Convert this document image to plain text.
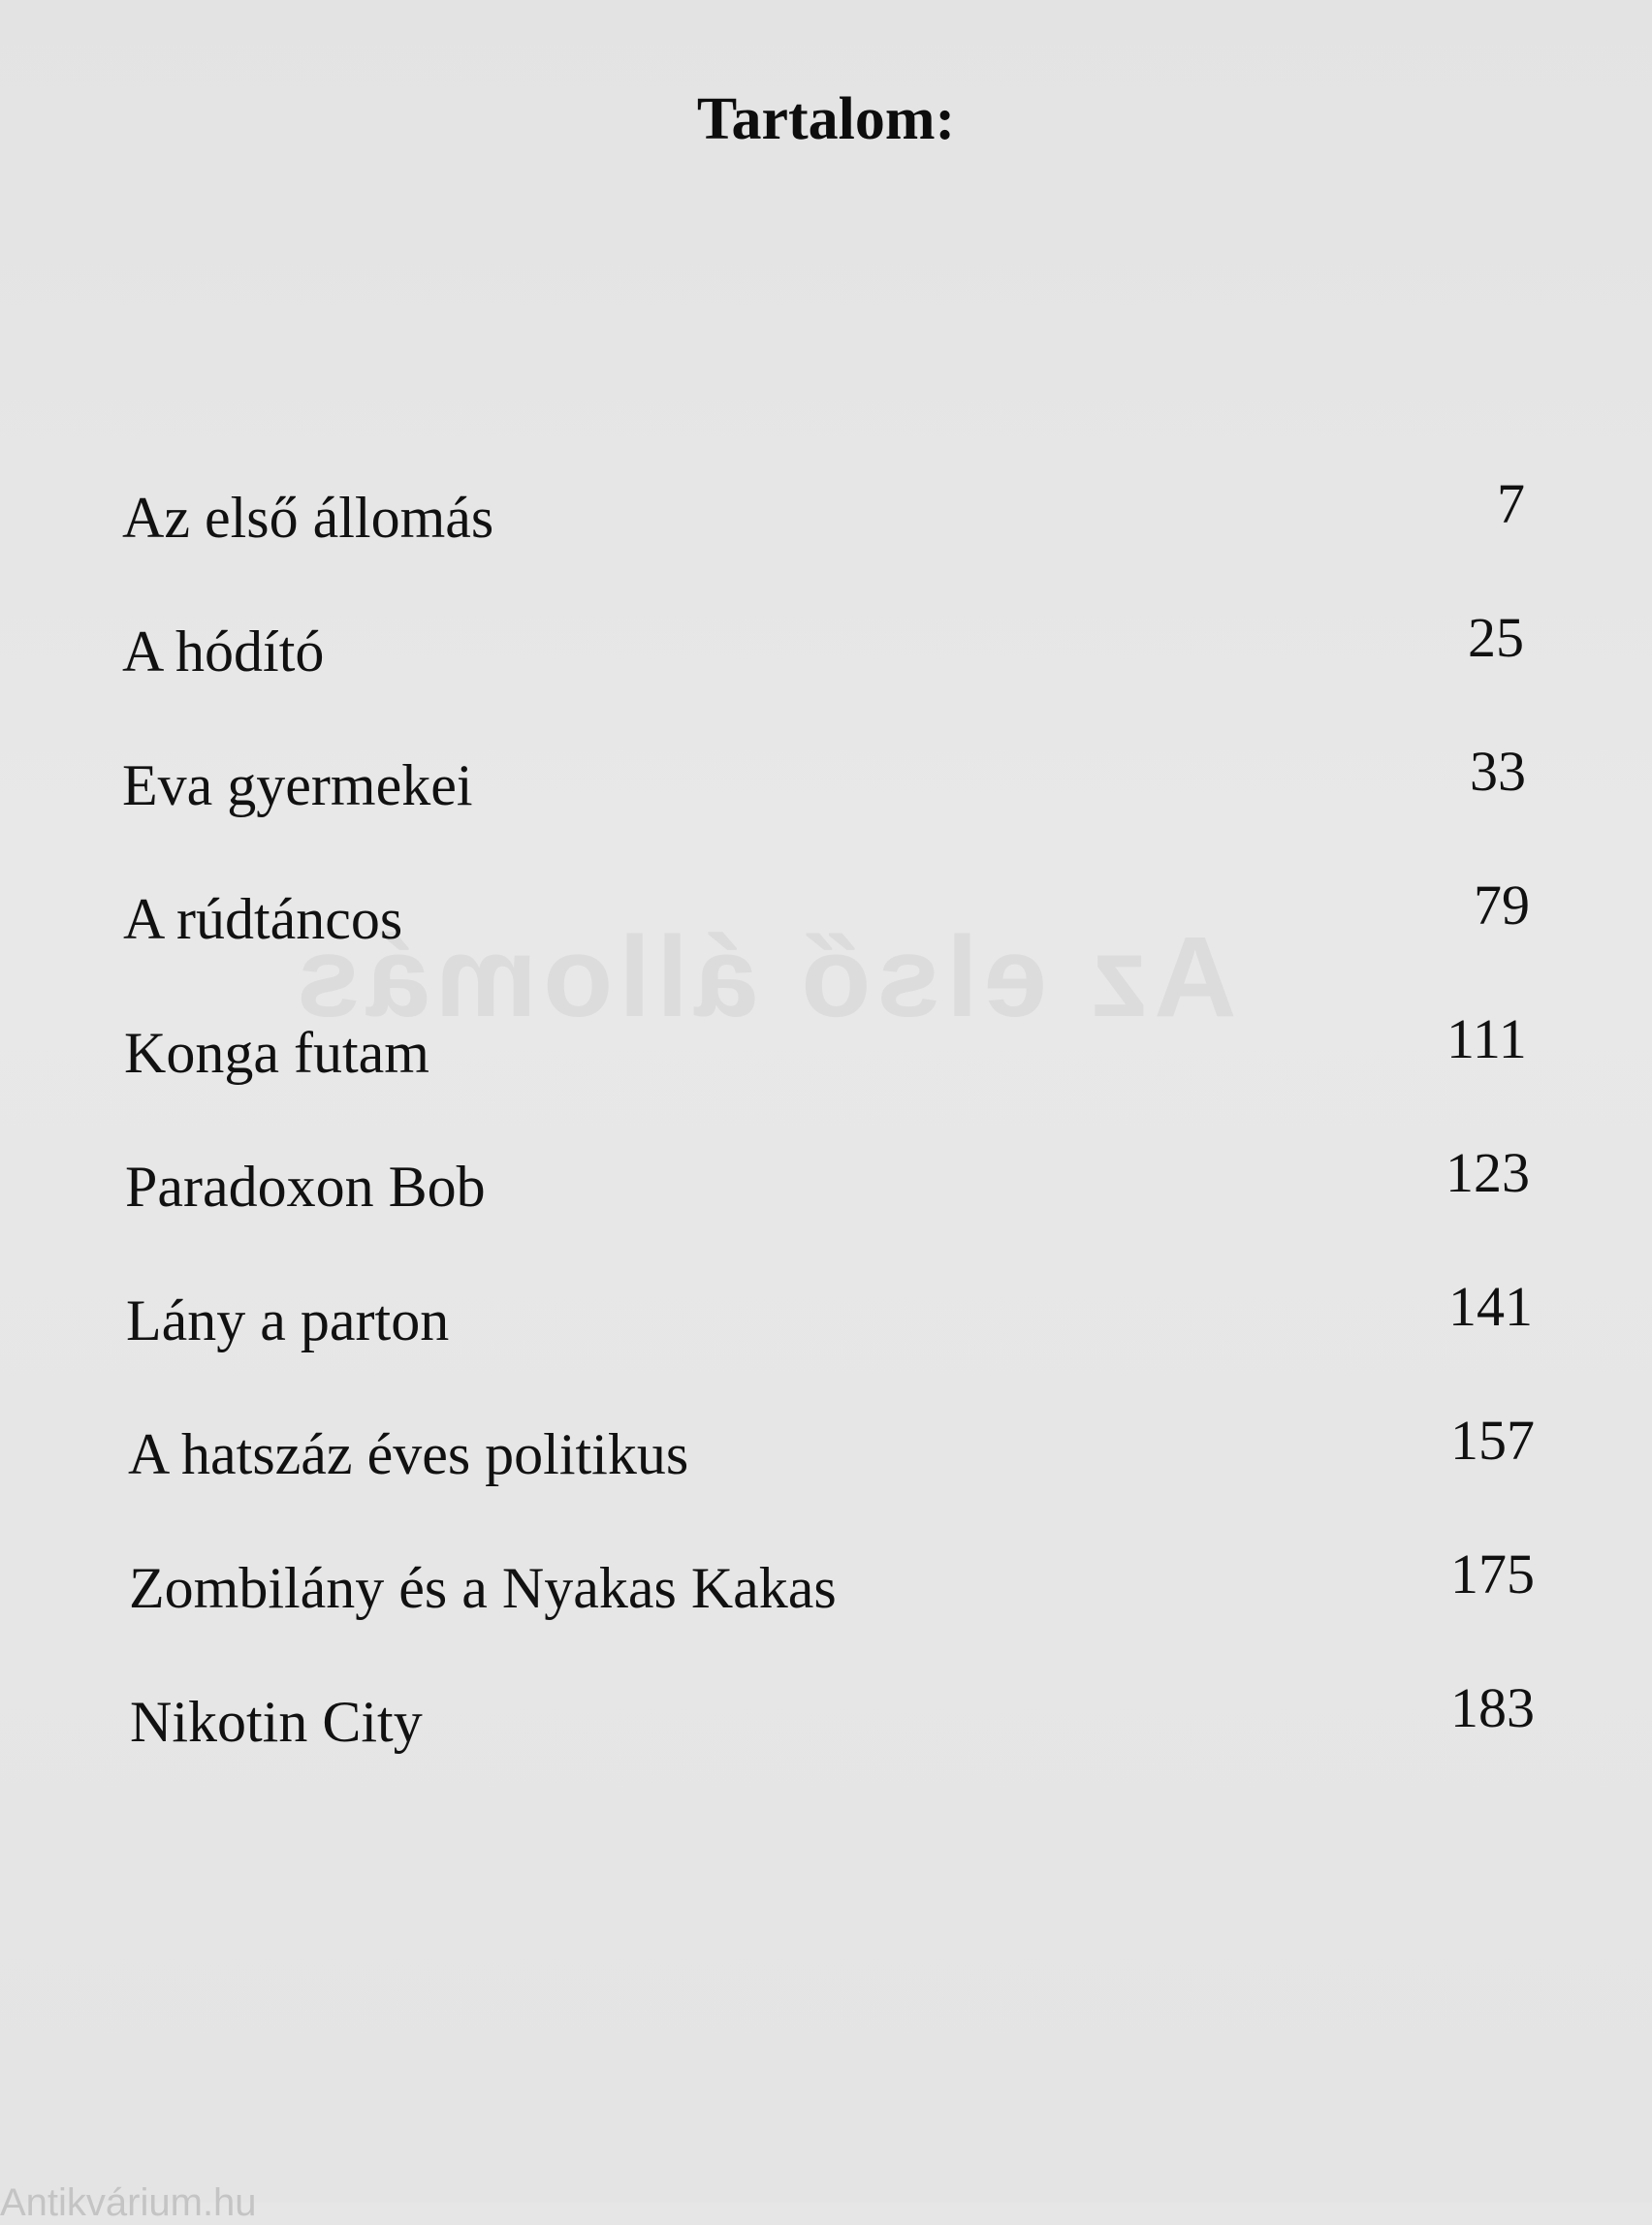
Az első állomás
Tartalom:
Az első állomás	7
A hódító	25
Eva gyermekei	33
A rúdtáncos	79
Konga futam	111
Paradoxon Bob	123
Lány a parton	141
A hatszáz éves politikus	157
Zombilány és a Nyakas Kakas	175
Nikotin City	183
Antikvárium.hu
